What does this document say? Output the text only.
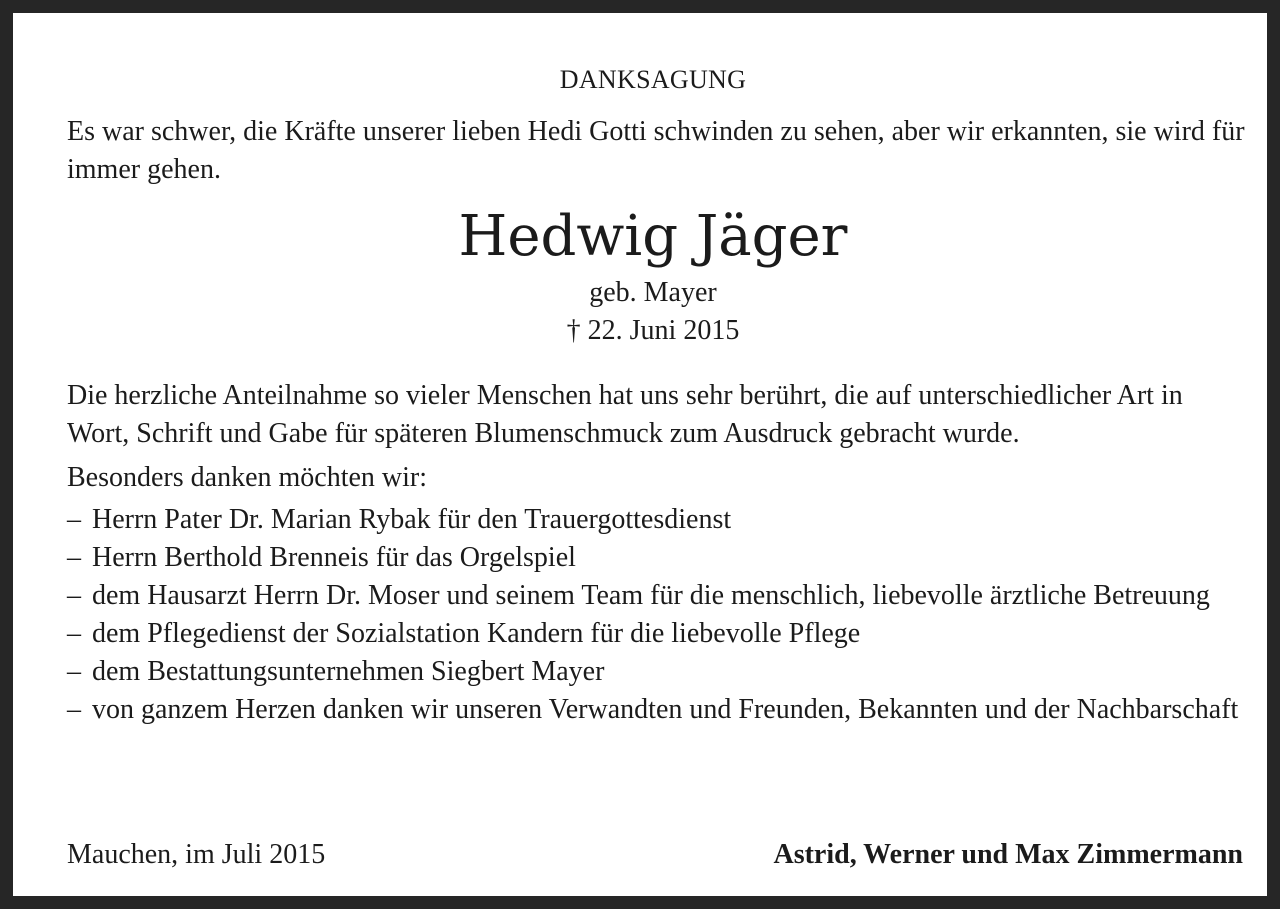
DANKSAGUNG
Es war schwer, die Kräfte unserer lieben Hedi Gotti schwinden zu sehen, aber wir erkannten, sie wird für immer gehen.
Hedwig Jäger
geb. Mayer
† 22. Juni 2015
Die herzliche Anteilnahme so vieler Menschen hat uns sehr berührt, die auf unterschiedlicher Art in Wort, Schrift und Gabe für späteren Blumenschmuck zum Ausdruck gebracht wurde.
Besonders danken möchten wir:
– Herrn Pater Dr. Marian Rybak für den Trauergottesdienst
– Herrn Berthold Brenneis für das Orgelspiel
– dem Hausarzt Herrn Dr. Moser und seinem Team für die menschlich, liebevolle ärztliche Betreuung
– dem Pflegedienst der Sozialstation Kandern für die liebevolle Pflege
– dem Bestattungsunternehmen Siegbert Mayer
– von ganzem Herzen danken wir unseren Verwandten und Freunden, Bekannten und der Nachbarschaft
Mauchen, im Juli 2015	Astrid, Werner und Max Zimmermann
